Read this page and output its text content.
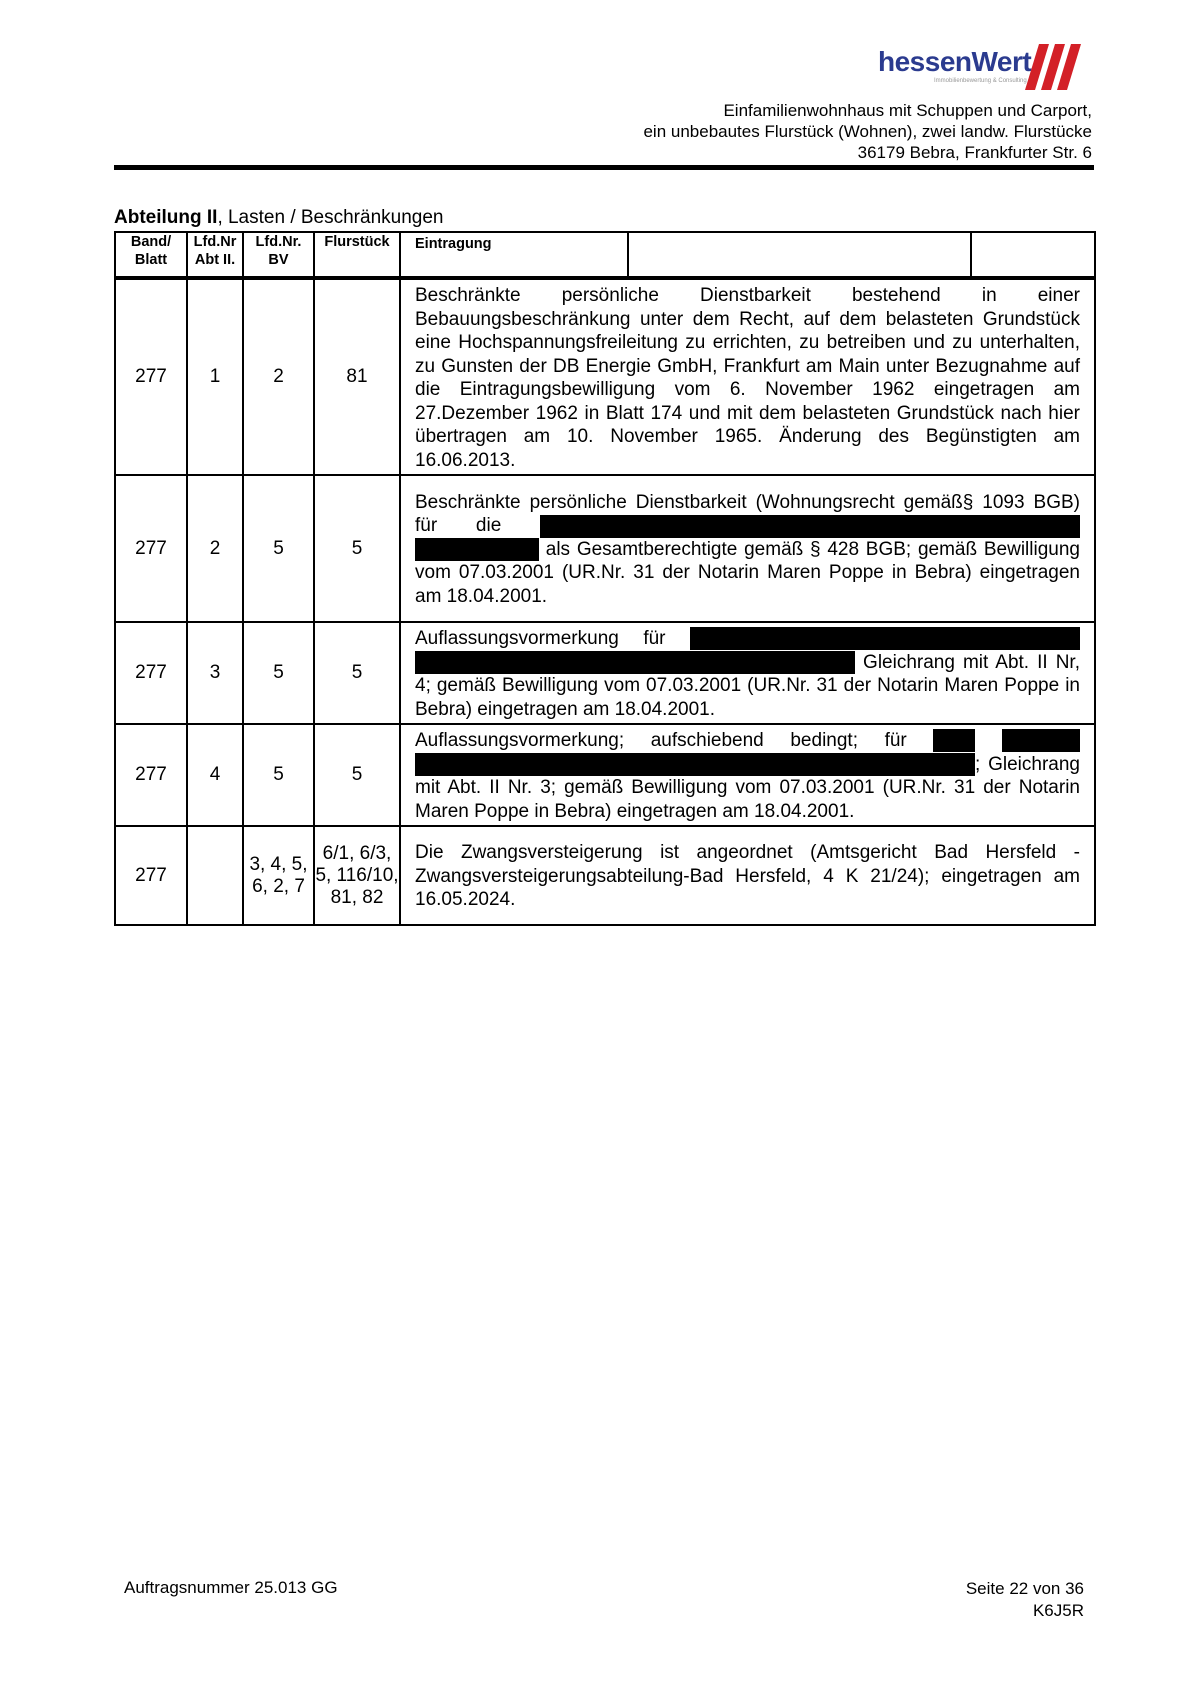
hessenWert
Immobilienbewertung & Consulting
Einfamilienwohnhaus mit Schuppen und Carport,
ein unbebautes Flurstück (Wohnen), zwei landw. Flurstücke
36179 Bebra, Frankfurter Str. 6
Abteilung II, Lasten / Beschränkungen
Band/ Blatt	Lfd.Nr Abt II.	Lfd.Nr. BV	Flurstück	Eintragung		
277	1	2	81	Beschränkte persönliche Dienstbarkeit bestehend in einer Bebauungsbeschränkung unter dem Recht, auf dem belasteten Grundstück eine Hochspannungsfreileitung zu errichten, zu betreiben und zu unterhalten, zu Gunsten der DB Energie GmbH, Frankfurt am Main unter Bezugnahme auf die Eintragungsbewilligung vom 6. November 1962 eingetragen am 27.Dezember 1962 in Blatt 174 und mit dem belasteten Grundstück nach hier übertragen am 10. November 1965. Änderung des Begünstigten am 16.06.2013.		
277	2	5	5	Beschränkte persönliche Dienstbarkeit (Wohnungsrecht gemäß§ 1093 BGB) für die   als Gesamtberechtigte gemäß § 428 BGB; gemäß Bewilligung vom 07.03.2001 (UR.Nr. 31 der Notarin Maren Poppe in Bebra) eingetragen am 18.04.2001.		
277	3	5	5	Auflassungsvormerkung für   Gleichrang mit Abt. II Nr, 4; gemäß Bewilligung vom 07.03.2001 (UR.Nr. 31 der Notarin Maren Poppe in Bebra) eingetragen am 18.04.2001.		
277	4	5	5	Auflassungsvormerkung; aufschiebend bedingt; für   ; Gleichrang mit Abt. II Nr. 3; gemäß Bewilligung vom 07.03.2001 (UR.Nr. 31 der Notarin Maren Poppe in Bebra) eingetragen am 18.04.2001.		
277		3, 4, 5, 6, 2, 7	6/1, 6/3, 5, 116/10, 81, 82	Die Zwangsversteigerung ist angeordnet (Amtsgericht Bad Hersfeld - Zwangsversteigerungsabteilung-Bad Hersfeld, 4 K 21/24); eingetragen am 16.05.2024.		
Auftragsnummer 25.013 GG	Seite 22 von 36
K6J5R
